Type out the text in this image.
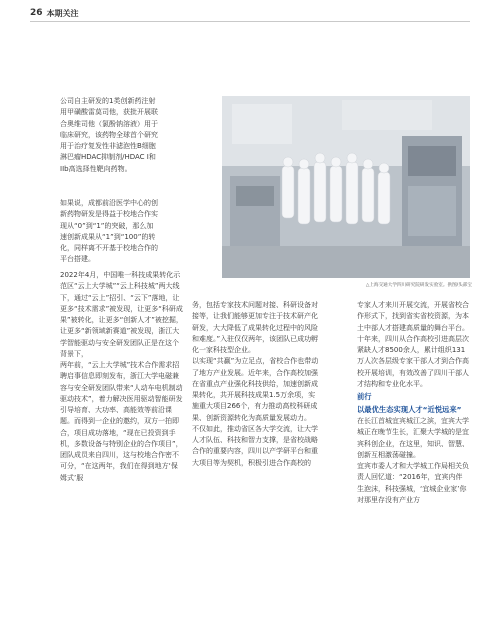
26 本期关注
△上海交通大学四川研究院研发实验室。供图/头部宝

公司自主研发的1类创新药注射用甲磺酸雷莫司他，获批开展联合奥维司他（氯酚钠溶液）用于临床研究，该药物全球首个研究用于治疗复发性非滤泡性B细胞淋巴瘤HDAC抑制剂/HDAC I和IIb高选择性靶向药物。

如果说，成都前沿医学中心的创新药物研发是得益于校地合作实现从“0”到“1”的突破，那么加速创新成果从“1”到“100”的转化，同样离不开基于校地合作的平台搭建。

2022年4月，中国唯一科技成果转化示范区“云上大学城”“云上科技城”两大线下，通过“云上”招引、“云下”落地，让更多“技术需求”被发现，让更多“科研成果”被转化，让更多“创新人才”被挖掘，让更多“新领域新赛道”被发现，浙江大学智能驱动与安全研发团队正是在这个背景下，

两年前，“云上大学城”技术合作需求招聘启事信息即刻发布，浙江大学电磁兼容与安全研发团队带来“人动车电机制动驱动技术”，着力解决医用驱动智能研发引导培育、大功率、高能效等前沿课题。而得到一企业的邀约，双方一拍即合，项目成功落地，“现在已投资到手机，多数设备与特别企业的合作项目”，团队成员来自四川，这与校地合作密不可分，“在这两年，我们在得到地方‘保姆式’服

务，包括专家技术问题对接、科研设备对接等，让我们能够更加专注于技术研产化研发，大大降低了成果转化过程中的风险和难度。”入驻仅仅两年，该团队已成功孵化一家科技型企业。

以实现“共赢”为立足点，省校合作也带动了地方产业发展。近年来，合作高校加强在省重点产业强化科技供给，加速创新成果转化，共开展科技成果1.5万余项，实施重大项目266个，有力推动高校科研成果、创新资源转化为高质量发展动力。

不仅如此，推动省区各大学交流，让大学人才队伍、科技和智力支撑，是省校战略合作的重要内容，四川以产学研平台和重大项目等为契机，积极引进合作高校的

专家人才来川开展交流，开展省校合作形式下，找到省实省校资源，为本土中部人才搭建高质量的舞台平台。十年来，四川从合作高校引进高层次紧缺人才8500余人，累计组织131万人次各层级专家干部人才到合作高校开展培训，有效改善了四川干部人才结构和专业化水平。

前行

以最优生态实现人才“近悦远来”

在长江首城宜宾城江之滨，宜宾大学城正在晚节生长，汇聚大学城的是宜宾科创企业，在这里，知识、智慧、创新互相激荡碰撞。

宜宾市委人才和大学城工作局相关负责人回忆道：“2016年，宜宾内伴生泡沫，科技强城，‘宜城企业家’你对那里存没有产业方
